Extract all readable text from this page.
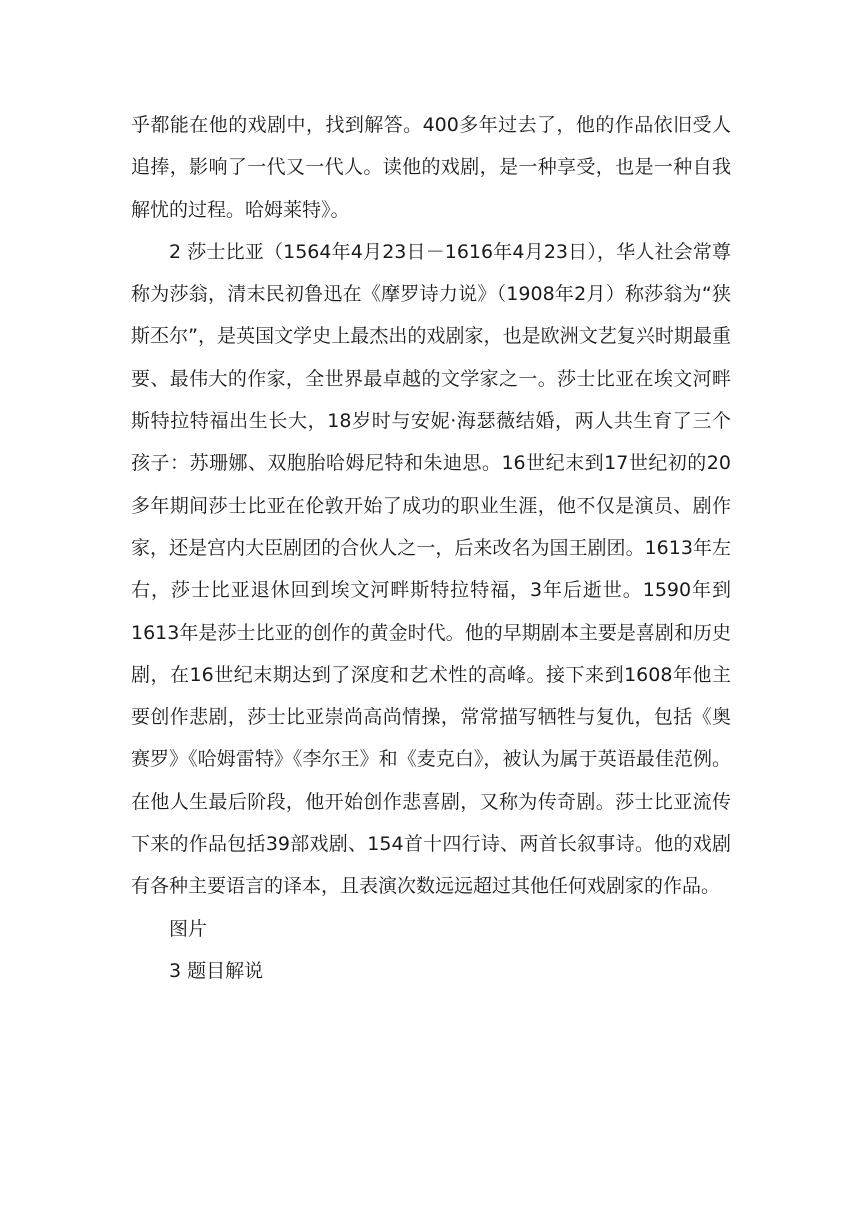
乎都能在他的戏剧中，找到解答。400多年过去了，他的作品依旧受人追捧，影响了一代又一代人。读他的戏剧，是一种享受，也是一种自我解忧的过程。哈姆莱特》。

2 莎士比亚（1564年4月23日－1616年4月23日），华人社会常尊称为莎翁，清末民初鲁迅在《摩罗诗力说》（1908年2月）称莎翁为“狭斯丕尔”，是英国文学史上最杰出的戏剧家，也是欧洲文艺复兴时期最重要、最伟大的作家，全世界最卓越的文学家之一。莎士比亚在埃文河畔斯特拉特福出生长大，18岁时与安妮·海瑟薇结婚，两人共生育了三个孩子：苏珊娜、双胞胎哈姆尼特和朱迪思。16世纪末到17世纪初的20多年期间莎士比亚在伦敦开始了成功的职业生涯，他不仅是演员、剧作家，还是宫内大臣剧团的合伙人之一，后来改名为国王剧团。1613年左右，莎士比亚退休回到埃文河畔斯特拉特福，3年后逝世。1590年到1613年是莎士比亚的创作的黄金时代。他的早期剧本主要是喜剧和历史剧，在16世纪末期达到了深度和艺术性的高峰。接下来到1608年他主要创作悲剧，莎士比亚崇尚高尚情操，常常描写牺牲与复仇，包括《奥赛罗》《哈姆雷特》《李尔王》和《麦克白》，被认为属于英语最佳范例。在他人生最后阶段，他开始创作悲喜剧，又称为传奇剧。莎士比亚流传下来的作品包括39部戏剧、154首十四行诗、两首长叙事诗。他的戏剧有各种主要语言的译本，且表演次数远远超过其他任何戏剧家的作品。

图片

3 题目解说
